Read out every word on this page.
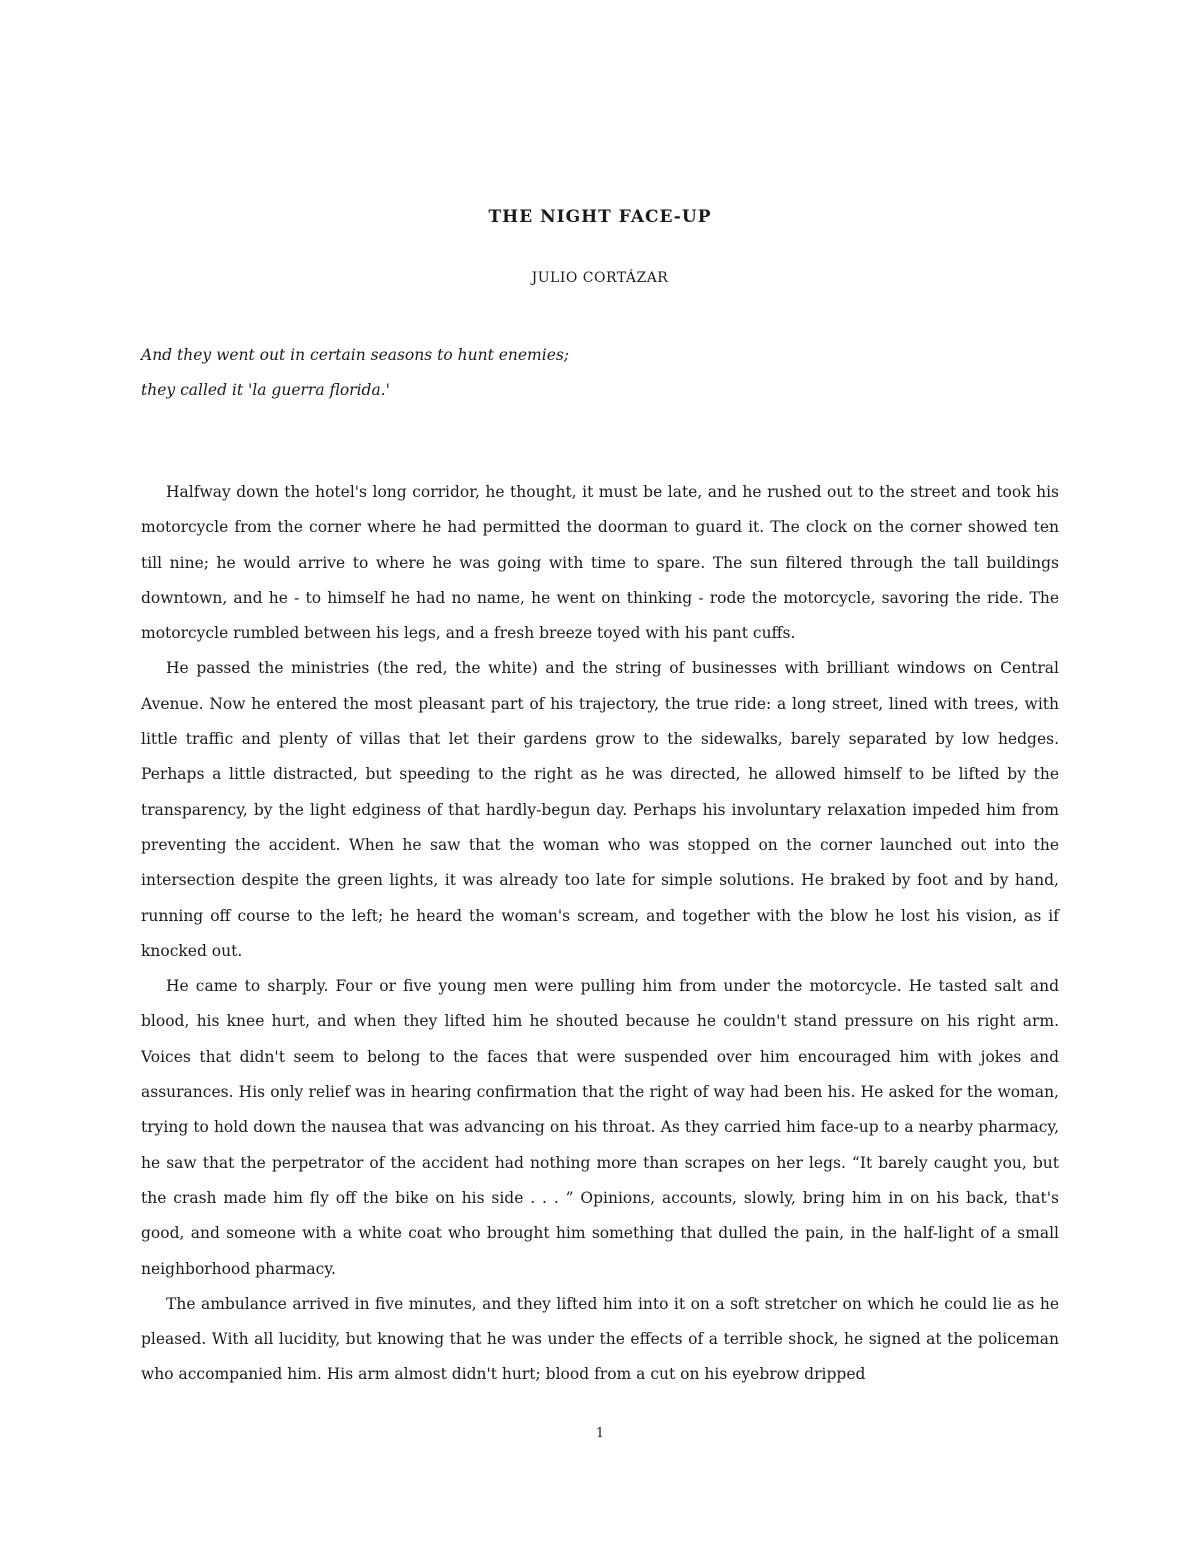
THE NIGHT FACE-UP
JULIO CORTÁZAR
And they went out in certain seasons to hunt enemies;
they called it 'la guerra florida.'

Halfway down the hotel's long corridor, he thought, it must be late, and he rushed out to the street and took his motorcycle from the corner where he had permitted the doorman to guard it. The clock on the corner showed ten till nine; he would arrive to where he was going with time to spare. The sun filtered through the tall buildings downtown, and he - to himself he had no name, he went on thinking - rode the motorcycle, savoring the ride. The motorcycle rumbled between his legs, and a fresh breeze toyed with his pant cuffs.

He passed the ministries (the red, the white) and the string of businesses with brilliant windows on Central Avenue. Now he entered the most pleasant part of his trajectory, the true ride: a long street, lined with trees, with little traffic and plenty of villas that let their gardens grow to the sidewalks, barely separated by low hedges. Perhaps a little distracted, but speeding to the right as he was directed, he allowed himself to be lifted by the transparency, by the light edginess of that hardly-begun day. Perhaps his involuntary relaxation impeded him from preventing the accident. When he saw that the woman who was stopped on the corner launched out into the intersection despite the green lights, it was already too late for simple solutions. He braked by foot and by hand, running off course to the left; he heard the woman's scream, and together with the blow he lost his vision, as if knocked out.

He came to sharply. Four or five young men were pulling him from under the motorcycle. He tasted salt and blood, his knee hurt, and when they lifted him he shouted because he couldn't stand pressure on his right arm. Voices that didn't seem to belong to the faces that were suspended over him encouraged him with jokes and assurances. His only relief was in hearing confirmation that the right of way had been his. He asked for the woman, trying to hold down the nausea that was advancing on his throat. As they carried him face-up to a nearby pharmacy, he saw that the perpetrator of the accident had nothing more than scrapes on her legs. “It barely caught you, but the crash made him fly off the bike on his side . . . ” Opinions, accounts, slowly, bring him in on his back, that's good, and someone with a white coat who brought him something that dulled the pain, in the half-light of a small neighborhood pharmacy.

The ambulance arrived in five minutes, and they lifted him into it on a soft stretcher on which he could lie as he pleased. With all lucidity, but knowing that he was under the effects of a terrible shock, he signed at the policeman who accompanied him. His arm almost didn't hurt; blood from a cut on his eyebrow dripped

1
